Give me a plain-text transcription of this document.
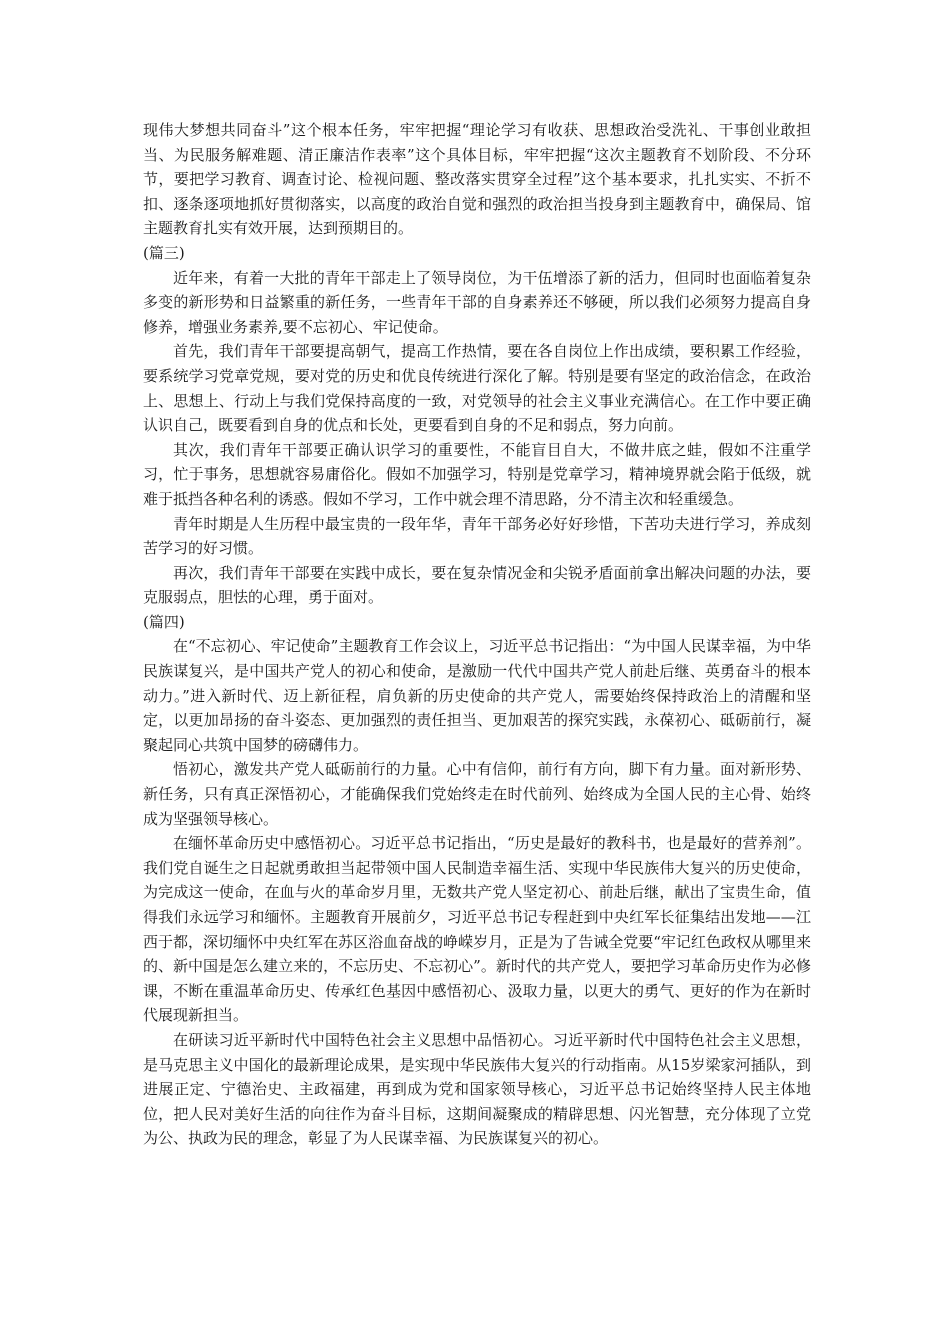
现伟大梦想共同奋斗”这个根本任务，牢牢把握“理论学习有收获、思想政治受洗礼、干事创业敢担当、为民服务解难题、清正廉洁作表率”这个具体目标，牢牢把握“这次主题教育不划阶段、不分环节，要把学习教育、调查讨论、检视问题、整改落实贯穿全过程”这个基本要求，扎扎实实、不折不扣、逐条逐项地抓好贯彻落实，以高度的政治自觉和强烈的政治担当投身到主题教育中，确保局、馆主题教育扎实有效开展，达到预期目的。

(篇三)

近年来，有着一大批的青年干部走上了领导岗位，为干伍增添了新的活力，但同时也面临着复杂多变的新形势和日益繁重的新任务，一些青年干部的自身素养还不够硬，所以我们必须努力提高自身修养，增强业务素养,要不忘初心、牢记使命。

首先，我们青年干部要提高朝气，提高工作热情，要在各自岗位上作出成绩，要积累工作经验，要系统学习党章党规，要对党的历史和优良传统进行深化了解。特别是要有坚定的政治信念，在政治上、思想上、行动上与我们党保持高度的一致，对党领导的社会主义事业充满信心。在工作中要正确认识自己，既要看到自身的优点和长处，更要看到自身的不足和弱点，努力向前。

其次，我们青年干部要正确认识学习的重要性，不能盲目自大，不做井底之蛙，假如不注重学习，忙于事务，思想就容易庸俗化。假如不加强学习，特别是党章学习，精神境界就会陷于低级，就难于抵挡各种名利的诱惑。假如不学习，工作中就会理不清思路，分不清主次和轻重缓急。

青年时期是人生历程中最宝贵的一段年华，青年干部务必好好珍惜，下苦功夫进行学习，养成刻苦学习的好习惯。

再次，我们青年干部要在实践中成长，要在复杂情况金和尖锐矛盾面前拿出解决问题的办法，要克服弱点，胆怯的心理，勇于面对。

(篇四)

在“不忘初心、牢记使命”主题教育工作会议上，习近平总书记指出：“为中国人民谋幸福，为中华民族谋复兴，是中国共产党人的初心和使命，是激励一代代中国共产党人前赴后继、英勇奋斗的根本动力。”进入新时代、迈上新征程，肩负新的历史使命的共产党人，需要始终保持政治上的清醒和坚定，以更加昂扬的奋斗姿态、更加强烈的责任担当、更加艰苦的探究实践，永葆初心、砥砺前行，凝聚起同心共筑中国梦的磅礴伟力。

悟初心，激发共产党人砥砺前行的力量。心中有信仰，前行有方向，脚下有力量。面对新形势、新任务，只有真正深悟初心，才能确保我们党始终走在时代前列、始终成为全国人民的主心骨、始终成为坚强领导核心。

在缅怀革命历史中感悟初心。习近平总书记指出，“历史是最好的教科书，也是最好的营养剂”。我们党自诞生之日起就勇敢担当起带领中国人民制造幸福生活、实现中华民族伟大复兴的历史使命，为完成这一使命，在血与火的革命岁月里，无数共产党人坚定初心、前赴后继，献出了宝贵生命，值得我们永远学习和缅怀。主题教育开展前夕，习近平总书记专程赶到中央红军长征集结出发地——江西于都，深切缅怀中央红军在苏区浴血奋战的峥嵘岁月，正是为了告诫全党要“牢记红色政权从哪里来的、新中国是怎么建立来的，不忘历史、不忘初心”。新时代的共产党人，要把学习革命历史作为必修课，不断在重温革命历史、传承红色基因中感悟初心、汲取力量，以更大的勇气、更好的作为在新时代展现新担当。

在研读习近平新时代中国特色社会主义思想中品悟初心。习近平新时代中国特色社会主义思想，是马克思主义中国化的最新理论成果，是实现中华民族伟大复兴的行动指南。从15岁梁家河插队，到进展正定、宁德治史、主政福建，再到成为党和国家领导核心，习近平总书记始终坚持人民主体地位，把人民对美好生活的向往作为奋斗目标，这期间凝聚成的精辟思想、闪光智慧，充分体现了立党为公、执政为民的理念，彰显了为人民谋幸福、为民族谋复兴的初心。
